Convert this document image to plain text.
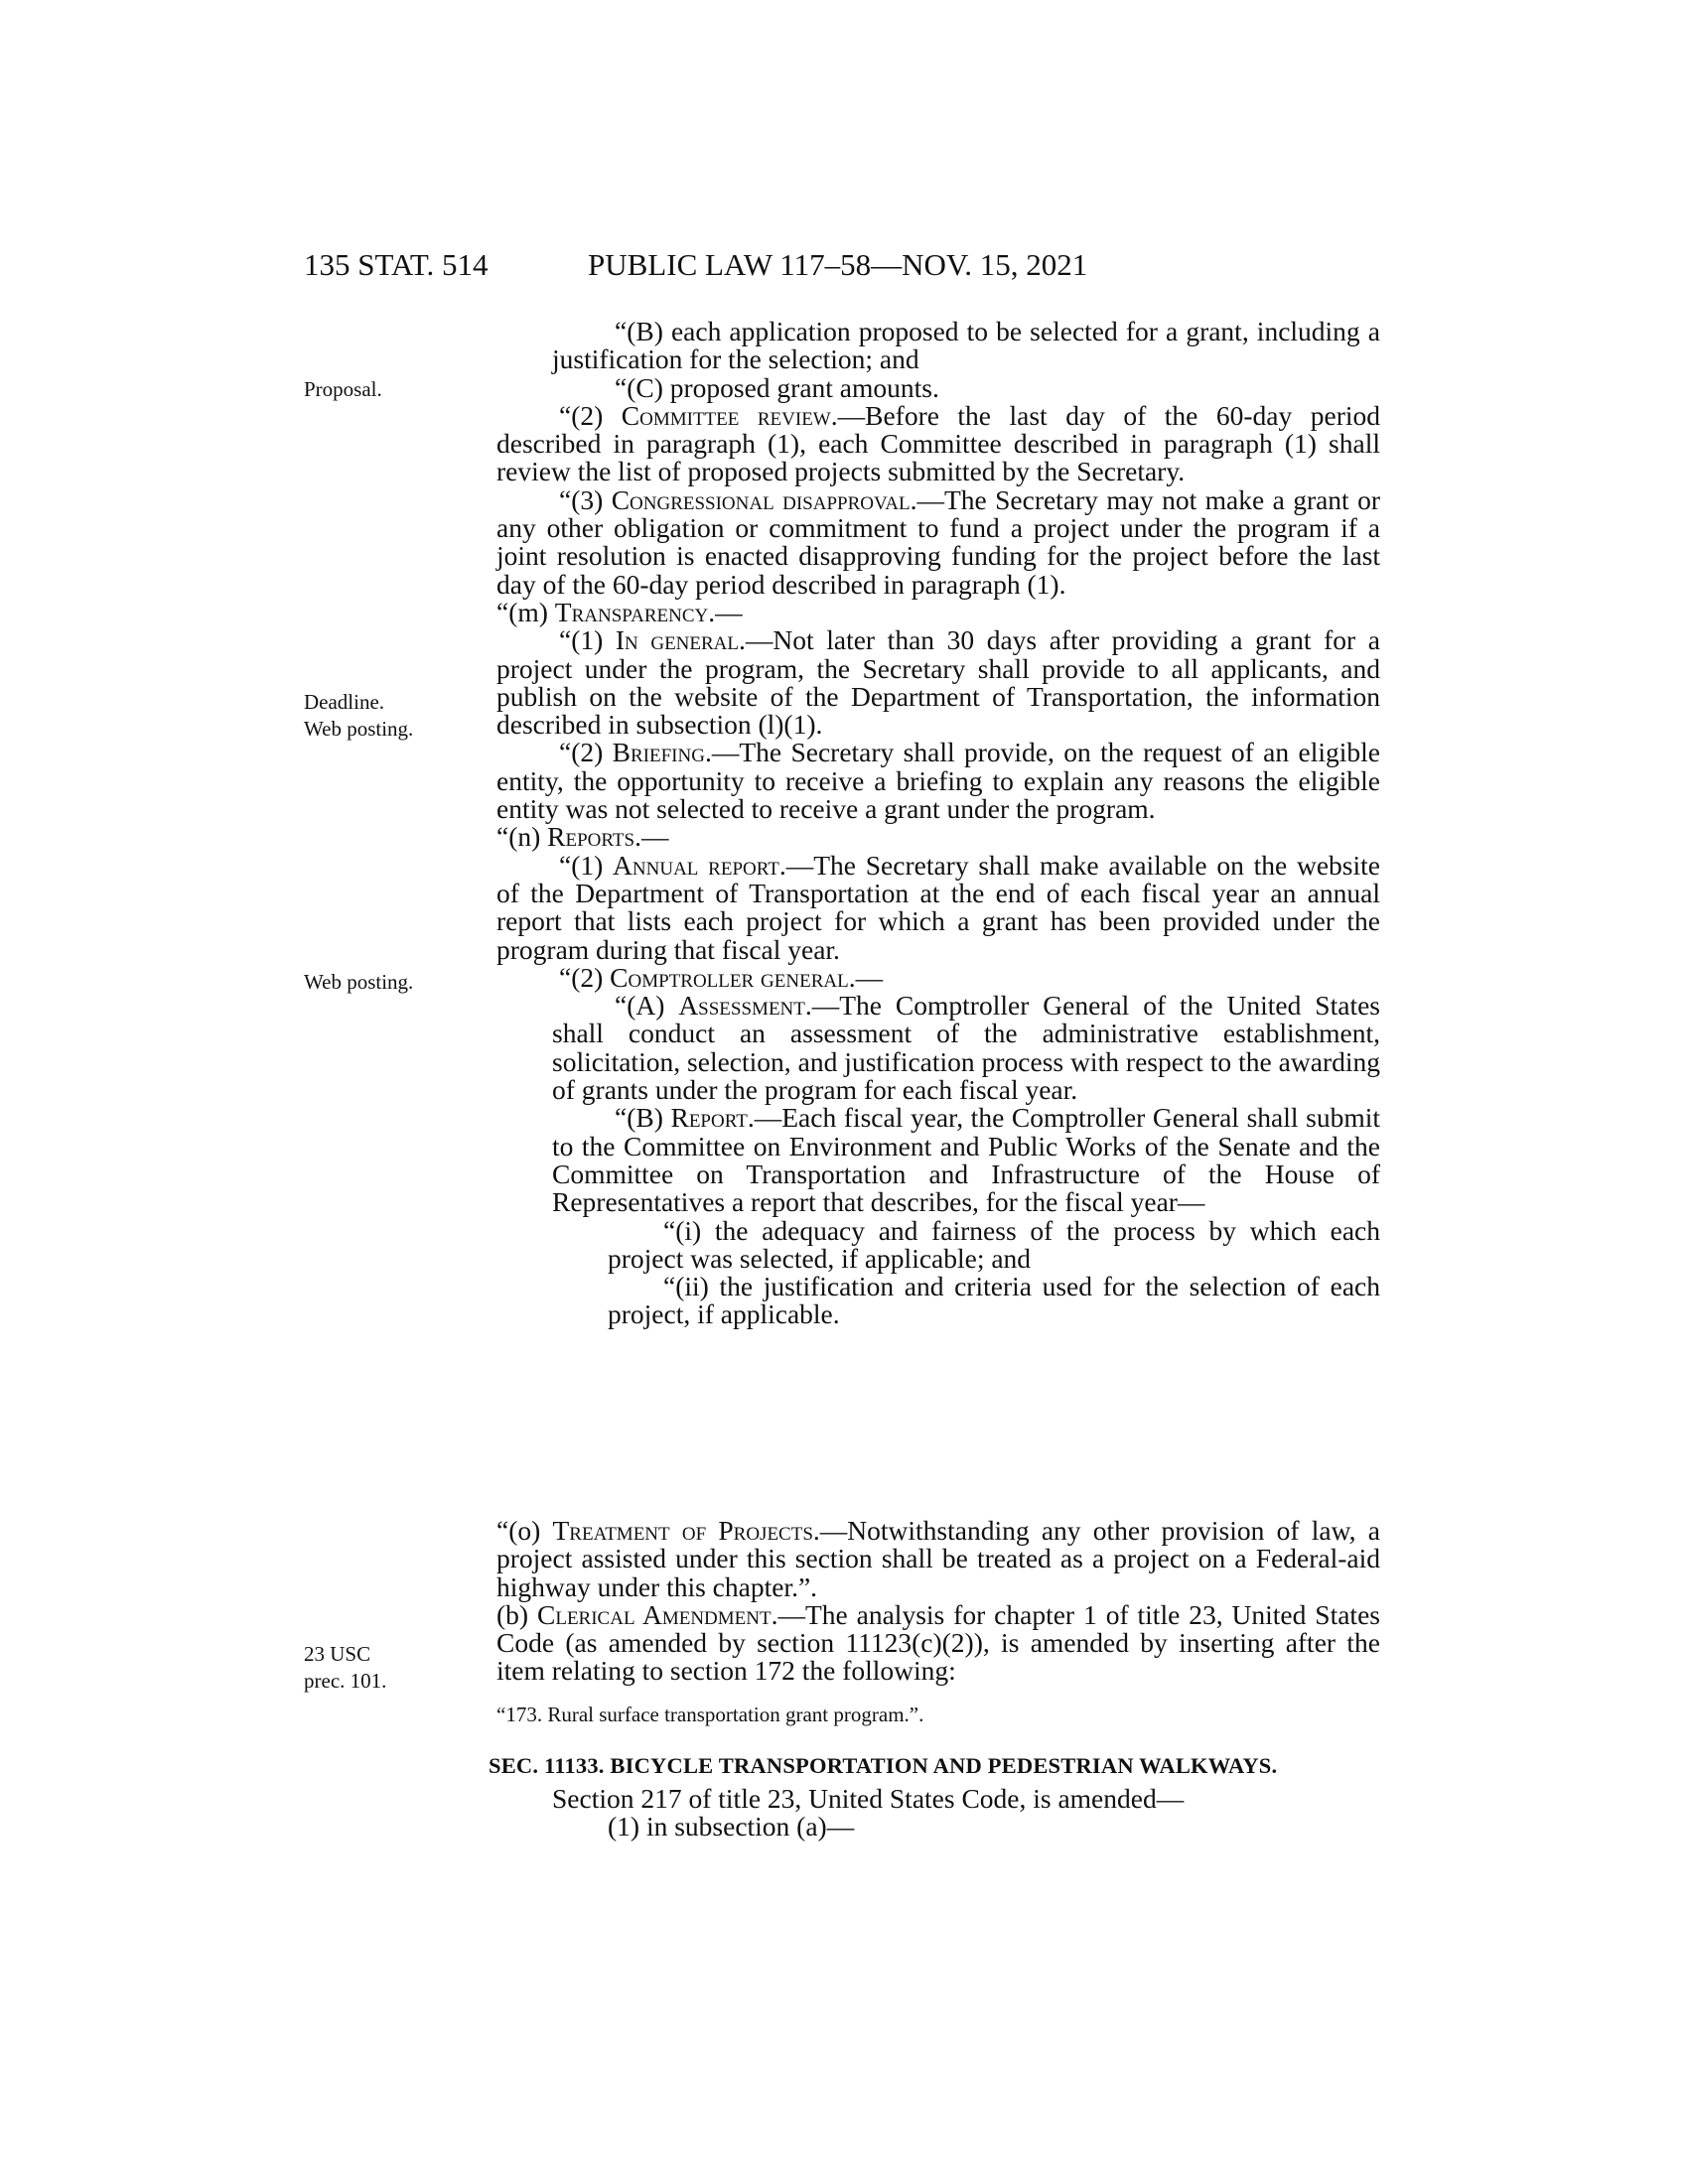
135 STAT. 514	PUBLIC LAW 117–58—NOV. 15, 2021
Proposal.
Deadline.
Web posting.
Web posting.
23 USC
prec. 101.

“(B) each application proposed to be selected for a grant, including a justification for the selection; and

“(C) proposed grant amounts.

“(2) Committee review.—Before the last day of the 60-day period described in paragraph (1), each Committee described in paragraph (1) shall review the list of proposed projects submitted by the Secretary.

“(3) Congressional disapproval.—The Secretary may not make a grant or any other obligation or commitment to fund a project under the program if a joint resolution is enacted disapproving funding for the project before the last day of the 60-day period described in paragraph (1).

“(m) Transparency.—

“(1) In general.—Not later than 30 days after providing a grant for a project under the program, the Secretary shall provide to all applicants, and publish on the website of the Department of Transportation, the information described in subsection (l)(1).

“(2) Briefing.—The Secretary shall provide, on the request of an eligible entity, the opportunity to receive a briefing to explain any reasons the eligible entity was not selected to receive a grant under the program.

“(n) Reports.—

“(1) Annual report.—The Secretary shall make available on the website of the Department of Transportation at the end of each fiscal year an annual report that lists each project for which a grant has been provided under the program during that fiscal year.

“(2) Comptroller general.—

“(A) Assessment.—The Comptroller General of the United States shall conduct an assessment of the administrative establishment, solicitation, selection, and justification process with respect to the awarding of grants under the program for each fiscal year.

“(B) Report.—Each fiscal year, the Comptroller General shall submit to the Committee on Environment and Public Works of the Senate and the Committee on Transportation and Infrastructure of the House of Representatives a report that describes, for the fiscal year—

“(i) the adequacy and fairness of the process by which each project was selected, if applicable; and

“(ii) the justification and criteria used for the selection of each project, if applicable.

“(o) Treatment of Projects.—Notwithstanding any other provision of law, a project assisted under this section shall be treated as a project on a Federal-aid highway under this chapter.”.

(b) Clerical Amendment.—The analysis for chapter 1 of title 23, United States Code (as amended by section 11123(c)(2)), is amended by inserting after the item relating to section 172 the following:

“173. Rural surface transportation grant program.”.

SEC. 11133. BICYCLE TRANSPORTATION AND PEDESTRIAN WALKWAYS.

Section 217 of title 23, United States Code, is amended—

(1) in subsection (a)—
